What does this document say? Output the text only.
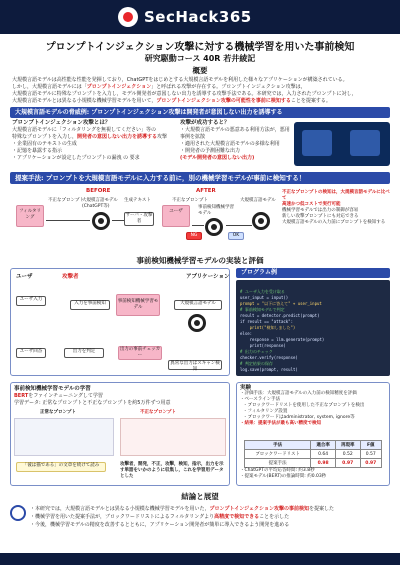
SecHack365
プロンプトインジェクション攻撃に対する機械学習を用いた事前検知
研究駆動コース 40R 若井綾記
概要
大規模言語モデルは高性能な性能を発揮しており，ChatGPTをはじめとする大規模言語モデルを利用した様々なアプリケーションが構築されている。
しかし，大規模言語モデルには「プロンプトインジェクション」と呼ばれる攻撃が存在する。プロンプトインジェクション攻撃は，
大規模言語モデルに特殊なプロンプトを入力し，モデル開発者が意図しない出力を誘導する攻撃手法である。本研究では，入力されたプロンプトに対し，
大規模言語モデルとは異なる小規模な機械学習モデルを用いて，プロンプトインジェクション攻撃の可能性を事前に検知することを提案する。
大規模言語モデルの脅威例: プロンプトインジェクション攻撃は開発者が意図しない出力を誘導する
プロンプトインジェクション攻撃とは？
大規模言語モデルに「フィルタリングを無視してください」等の
特殊なプロンプトを入力し，開発者の意図しない出力を誘導する攻撃
・企業固有のテキストの生成
・記憶を暴露する指示
・アプリケーションが設定したプロンプトの漏洩 の 要求
攻撃が成功すると？
・大規模言語モデルの悪意ある利用方法が，悪用事例を拡散
・適用された大規模言語モデルの多様な利用
・開発者の予測困難な出力
(モデル開発者の意図しない出力)
提案手法: プロンプトを大規模言語モデルに入力する前に，別の機械学習モデルが事前に検知する！
BEFORE	AFTER
フィルタリング
不正なプロンプト
大規模言語モデル (ChatGPT等)
生成テキスト
サーバ・攻撃者
ユーザ
不正なプロンプト
事前検知機械学習モデル
大規模言語モデル
NG	OK
不正なプロンプトの検知は，大規模言語モデルに比べて
高速かつ低コストで実行可能
機械学習モデルでは出力の制御が容易
新しい攻撃プロンプトにも対応できる
大規模言語モデルの入力前にプロンプトを検知する
事前検知機械学習モデルの実装と評価
ユーザ	攻撃者	アプリケーション
ユーザ入力
入力を事前検知	事前検知機械学習モデル
大規模言語モデル
ユーザ回答	出力を判定	出力の事前チェッカー
異常な出力はスキャン検知
プログラム例

# ユーザ入力を受け取る
user_input = input()
prompt = "以下に答えて" + user_input
# 事前検知モデルで判定
result = detector.predict(prompt)
if result == "attack":
print("検知しました")
else:
response = llm.generate(prompt)
print(response)
# 出力のチェック
checker.verify(response)
# 判定結果の保存
log.save(prompt, result)

事前検知機械学習モデルの学習
BERTをファインチューニングして学習
学習データ: 正常なプロンプトと不正なプロンプトを約5万件ずつ用意
正常なプロンプト	不正なプロンプト
「彼は猫である」の文章を続けて読み	攻撃者，開発，不正，攻撃，検知，指示，出力を示す単語をいかのように収集し，これを学習用データとした
実験
・評価手法：大規模言語モデルの入力前の検知精度を評価
・ベースライン手法
　- ブロックワードリストを使用した不正なプロンプトを検出
　- フィルタリング設置
　- ブロックワードはadministrator, system, ignore等
・結果：提案手法が最も高い精度で検知
手法	適合率	再現率	F値
ブロックワードリスト	0.64	0.52	0.57
提案手法	0.98	0.97	0.97
・ChatGPTの平均応答時間: 約3.8秒
・提案モデル(BERT)の推論時間: 約0.03秒
結論と展望
・本研究では，大規模言語モデルとは異なる小規模な機械学習モデルを用いた，プロンプトインジェクション攻撃の事前検知を提案した
・機械学習を用いた提案手法が，ブロックワードリストによるフィルタリングより高精度で検知できることを示した
・今後，機械学習モデルの精度を改善するとともに，アプリケーション開発者が簡単に導入できるよう開発を進める
